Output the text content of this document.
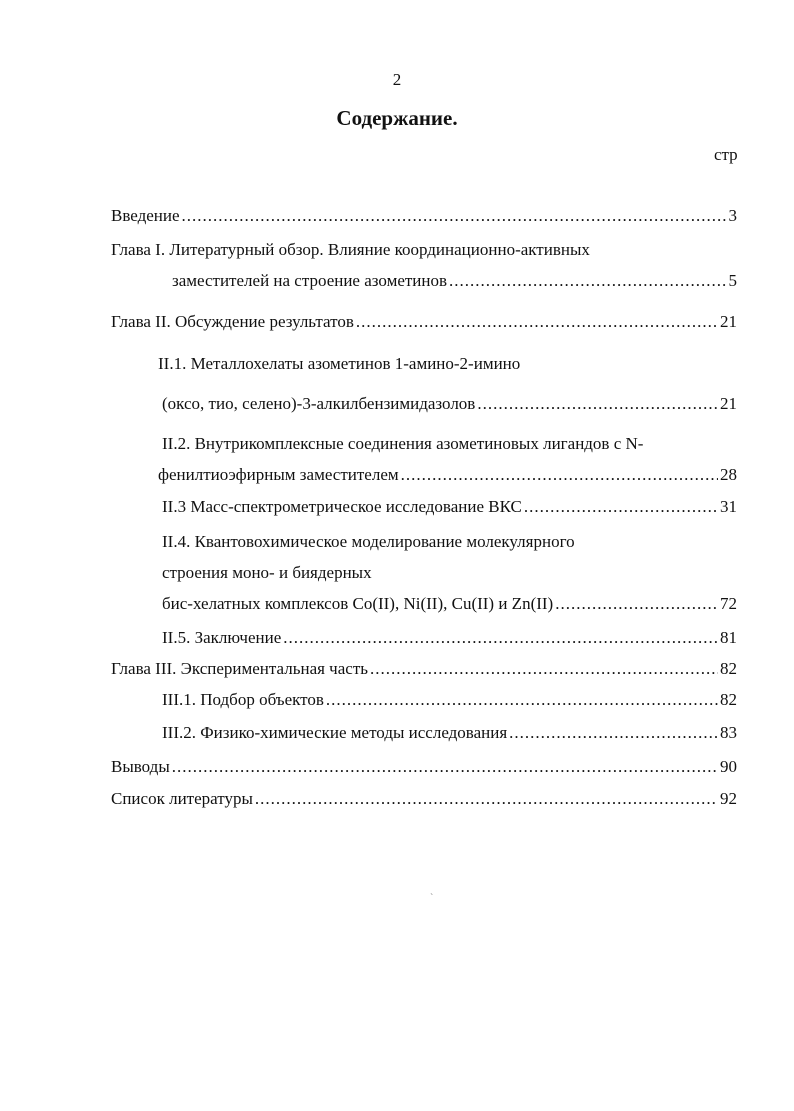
2
Содержание.
стр
Введение .....	3
Глава I. Литературный обзор. Влияние координационно-активных
заместителей на строение азометинов .....	5
Глава II. Обсуждение результатов .....	21
II.1. Металлохелаты азометинов 1-амино-2-имино
(оксо, тио, селено)-3-алкилбензимидазолов .....	21
II.2. Внутрикомплексные соединения азометиновых лигандов с N-
фенилтиоэфирным заместителем .....	28
II.3 Масс-спектрометрическое исследование ВКС .....	31
II.4. Квантовохимическое моделирование молекулярного
строения моно- и биядерных
бис-хелатных комплексов Co(II), Ni(II), Cu(II) и Zn(II) .....	72
II.5. Заключение .....	81
Глава III. Экспериментальная часть .....	82
III.1. Подбор объектов .....	82
III.2. Физико-химические методы исследования .....	83
Выводы .....	90
Список литературы .....	92
`
